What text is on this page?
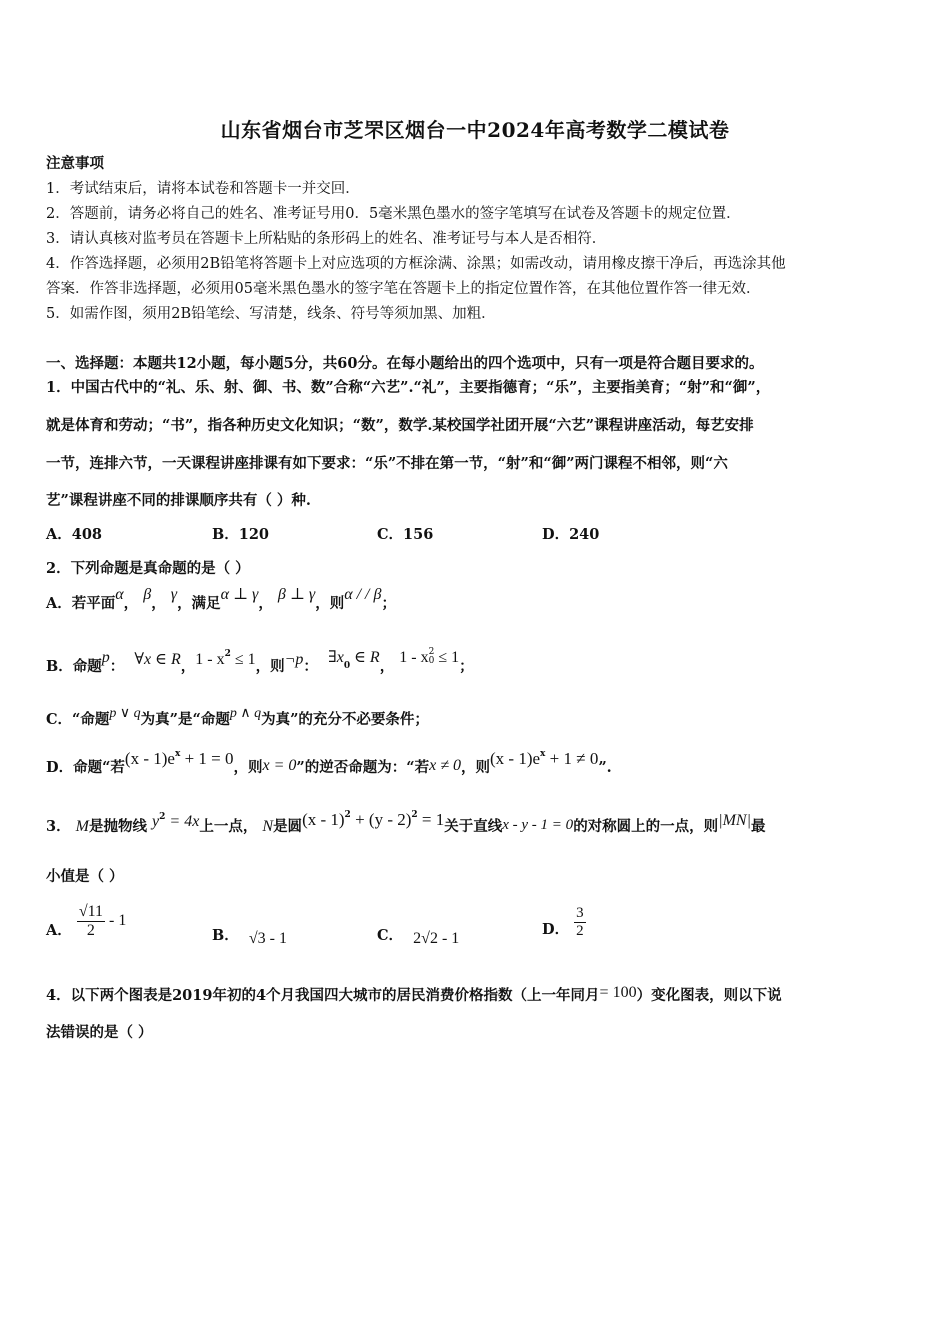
山东省烟台市芝罘区烟台一中2024年高考数学二模试卷
注意事项
1．考试结束后，请将本试卷和答题卡一并交回．
2．答题前，请务必将自己的姓名、准考证号用0．5毫米黑色墨水的签字笔填写在试卷及答题卡的规定位置．
3．请认真核对监考员在答题卡上所粘贴的条形码上的姓名、准考证号与本人是否相符．
4．作答选择题，必须用2B铅笔将答题卡上对应选项的方框涂满、涂黑；如需改动，请用橡皮擦干净后，再选涂其他
答案．作答非选择题，必须用05毫米黑色墨水的签字笔在答题卡上的指定位置作答，在其他位置作答一律无效．
5．如需作图，须用2B铅笔绘、写清楚，线条、符号等须加黑、加粗．
一、选择题：本题共12小题，每小题5分，共60分。在每小题给出的四个选项中，只有一项是符合题目要求的。
1．中国古代中的“礼、乐、射、御、书、数”合称“六艺”.“礼”，主要指德育；“乐”，主要指美育；“射”和“御”，
就是体育和劳动；“书”，指各种历史文化知识；“数”，数学.某校国学社团开展“六艺”课程讲座活动，每艺安排
一节，连排六节，一天课程讲座排课有如下要求：“乐”不排在第一节，“射”和“御”两门课程不相邻，则“六
艺”课程讲座不同的排课顺序共有（ ）种.
A．408	B．120	C．156	D．240
2．下列命题是真命题的是（ ）
A．若平面α， β， γ，满足α ⊥ γ， β ⊥ γ，则α / / β；
B．命题p： ∀x ∈ R，$1 - x^2 \le 1$，则¬p：  $\exists x_0$ ∈ R， 1 - x 2
0 ≤ 1；
C．“命题p ∨ q为真”是“命题p ∧ q为真”的充分不必要条件；
D．命题“若$(x - 1)e^x + 1 = 0$，则x = 0”的逆否命题为：“若x ≠ 0，则$(x - 1)e^x + 1 \ne 0$”.
3． M是抛物线 $y^2 = 4x$上一点， N是圆(x - 1)$^2$ + (y - 2)$^2$ = 1关于直线x - y - 1 = 0的对称圆上的一点，则|MN|最
小值是（ ）
A． $\frac{√11}{2} - 1$
B． √3 - 1	C． 2√2 - 1
D． $\frac{3}{2}$
4．以下两个图表是2019年初的4个月我国四大城市的居民消费价格指数（上一年同月= 100）变化图表，则以下说
法错误的是（ ）
